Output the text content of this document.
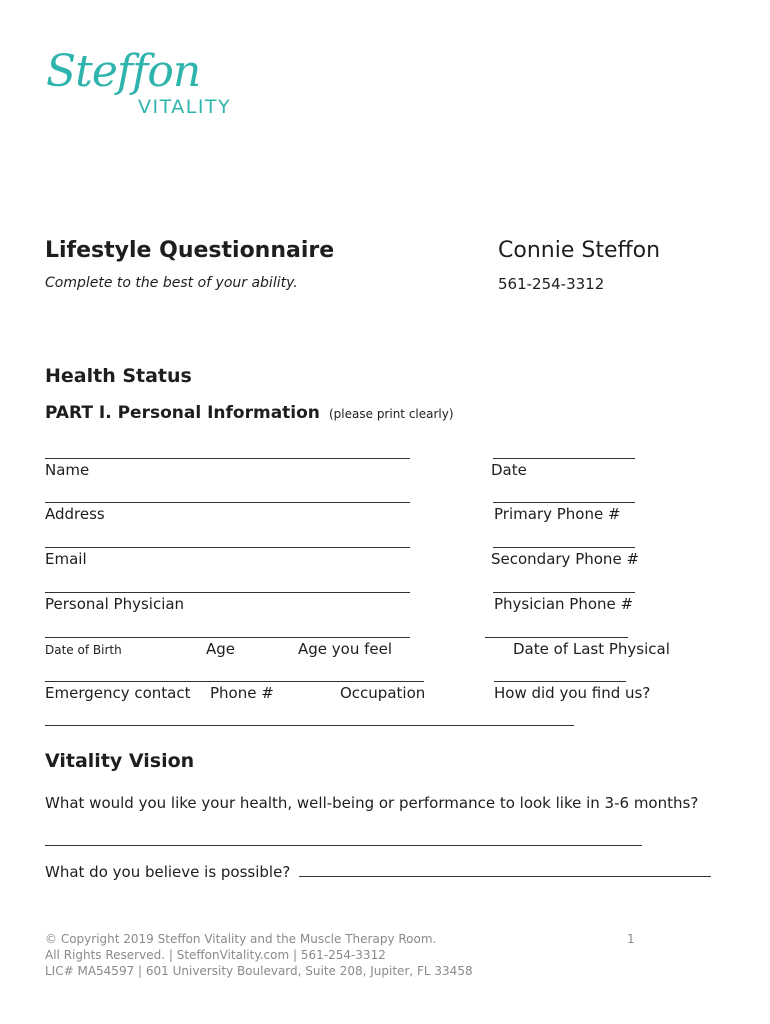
Steffon
VITALITY
Lifestyle Questionnaire
Complete to the best of your ability.
Connie Steffon
561-254-3312
Health Status
PART I. Personal Information (please print clearly)
Name	Date
Address	Primary Phone #
Email	Secondary Phone #
Personal Physician	Physician Phone #
Date of Birth	Age	Age you feel	Date of Last Physical
Emergency contact Phone #	Occupation	How did you find us?
Vitality Vision
What would you like your health, well-being or performance to look like in 3-6 months?
What do you believe is possible?
© Copyright 2019 Steffon Vitality and the Muscle Therapy Room.
All Rights Reserved. | SteffonVitality.com | 561-254-3312
LIC# MA54597 | 601 University Boulevard, Suite 208, Jupiter, FL 33458
1
